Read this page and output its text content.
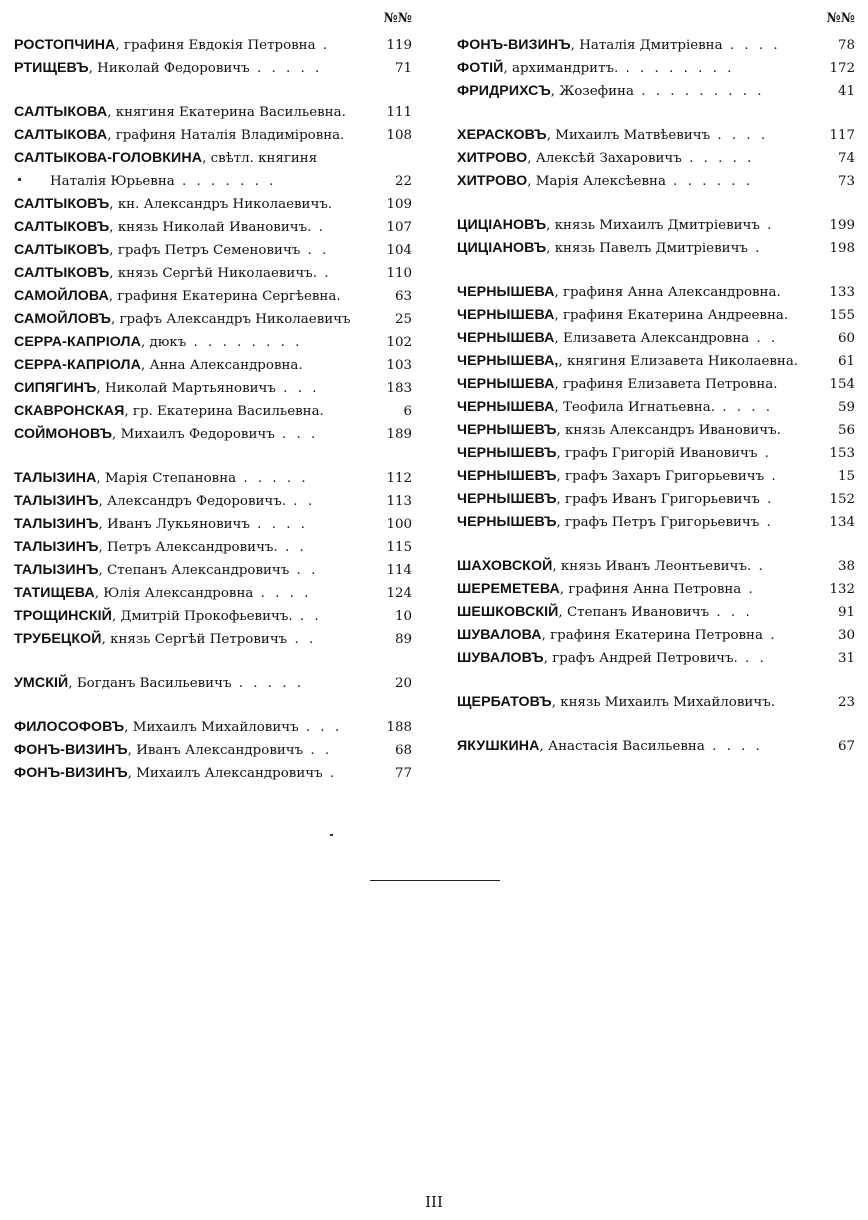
№№
РОСТОПЧИНА, графиня Евдокія Петровна .	119
РТИЩЕВЪ, Николай Федоровичъ . . . . .	71
САЛТЫКОВА, княгиня Екатерина Васильевна.	111
САЛТЫКОВА, графиня Наталія Владиміровна.	108
САЛТЫКОВА-ГОЛОВКИНА, свѣтл. княгиня
Наталія Юрьевна . . . . . . .	22
САЛТЫКОВЪ, кн. Александръ Николаевичъ.	109
САЛТЫКОВЪ, князь Николай Ивановичъ. .	107
САЛТЫКОВЪ, графъ Петръ Семеновичъ . .	104
САЛТЫКОВЪ, князь Сергѣй Николаевичъ. .	110
САМОЙЛОВА, графиня Екатерина Сергѣевна.	63
САМОЙЛОВЪ, графъ Александръ Николаевичъ	25
СЕРРА-КАПРІОЛА, дюкъ . . . . . . . .	102
СЕРРА-КАПРІОЛА, Анна Александровна.	103
СИПЯГИНЪ, Николай Мартьяновичъ . . .	183
СКАВРОНСКАЯ, гр. Екатерина Васильевна.	6
СОЙМОНОВЪ, Михаилъ Федоровичъ . . .	189
ТАЛЫЗИНА, Марія Степановна . . . . .	112
ТАЛЫЗИНЪ, Александръ Федоровичъ. . .	113
ТАЛЫЗИНЪ, Иванъ Лукьяновичъ . . . .	100
ТАЛЫЗИНЪ, Петръ Александровичъ. . .	115
ТАЛЫЗИНЪ, Степанъ Александровичъ . .	114
ТАТИЩЕВА, Юлія Александровна . . . .	124
ТРОЩИНСКІЙ, Дмитрій Прокофьевичъ. . .	10
ТРУБЕЦКОЙ, князь Сергѣй Петровичъ . .	89
УМСКІЙ, Богданъ Васильевичъ . . . . .	20
ФИЛОСОФОВЪ, Михаилъ Михайловичъ . . .	188
ФОНЪ-ВИЗИНЪ, Иванъ Александровичъ . .	68
ФОНЪ-ВИЗИНЪ, Михаилъ Александровичъ .	77
№№
ФОНЪ-ВИЗИНЪ, Наталія Дмитріевна . . . .	78
ФОТІЙ, архимандритъ. . . . . . . . .	172
ФРИДРИХСЪ, Жозефина . . . . . . . . .	41
ХЕРАСКОВЪ, Михаилъ Матвѣевичъ . . . .	117
ХИТРОВО, Алексѣй Захаровичъ . . . . .	74
ХИТРОВО, Марія Алексѣевна . . . . . .	73
ЦИЦІАНОВЪ, князь Михаилъ Дмитріевичъ .	199
ЦИЦІАНОВЪ, князь Павелъ Дмитріевичъ .	198
ЧЕРНЫШЕВА, графиня Анна Александровна.	133
ЧЕРНЫШЕВА, графиня Екатерина Андреевна.	155
ЧЕРНЫШЕВА, Елизавета Александровна . .	60
ЧЕРНЫШЕВА,, княгиня Елизавета Николаевна.	61
ЧЕРНЫШЕВА, графиня Елизавета Петровна.	154
ЧЕРНЫШЕВА, Теофила Игнатьевна. . . . .	59
ЧЕРНЫШЕВЪ, князь Александръ Ивановичъ.	56
ЧЕРНЫШЕВЪ, графъ Григорій Ивановичъ .	153
ЧЕРНЫШЕВЪ, графъ Захаръ Григорьевичъ .	15
ЧЕРНЫШЕВЪ, графъ Иванъ Григорьевичъ .	152
ЧЕРНЫШЕВЪ, графъ Петръ Григорьевичъ .	134
ШАХОВСКОЙ, князь Иванъ Леонтьевичъ. .	38
ШЕРЕМЕТЕВА, графиня Анна Петровна .	132
ШЕШКОВСКІЙ, Степанъ Ивановичъ . . .	91
ШУВАЛОВА, графиня Екатерина Петровна .	30
ШУВАЛОВЪ, графъ Андрей Петровичъ. . .	31
ЩЕРБАТОВЪ, князь Михаилъ Михайловичъ.	23
ЯКУШКИНА, Анастасія Васильевна . . . .	67
III
